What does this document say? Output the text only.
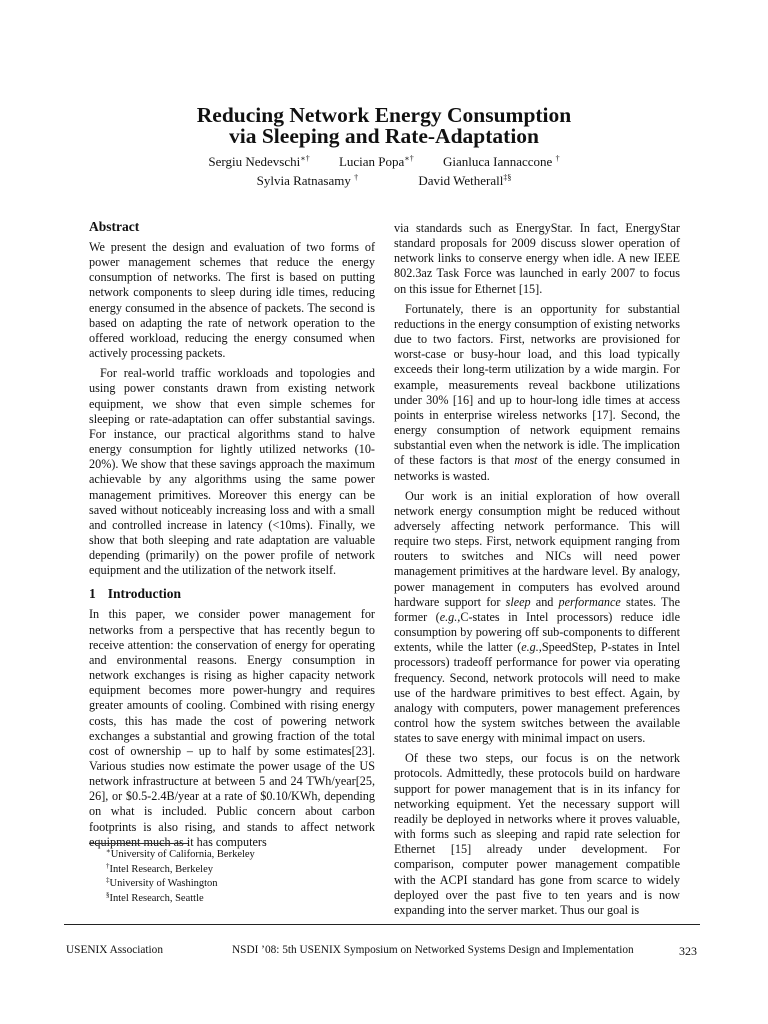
Reducing Network Energy Consumption
via Sleeping and Rate-Adaptation
Sergiu Nedevschi∗† Lucian Popa∗† Gianluca Iannaccone †
Sylvia Ratnasamy †	David Wetherall‡§
Abstract

We present the design and evaluation of two forms of power management schemes that reduce the energy consumption of networks. The first is based on putting network components to sleep during idle times, reducing energy consumed in the absence of packets. The second is based on adapting the rate of network operation to the offered workload, reducing the energy consumed when actively processing packets.

For real-world traffic workloads and topologies and using power constants drawn from existing network equipment, we show that even simple schemes for sleeping or rate-adaptation can offer substantial savings. For instance, our practical algorithms stand to halve energy consumption for lightly utilized networks (10-20%). We show that these savings approach the maximum achievable by any algorithms using the same power management primitives. Moreover this energy can be saved without noticeably increasing loss and with a small and controlled increase in latency (<10ms). Finally, we show that both sleeping and rate adaptation are valuable depending (primarily) on the power profile of network equipment and the utilization of the network itself.

1 Introduction

In this paper, we consider power management for networks from a perspective that has recently begun to receive attention: the conservation of energy for operating and environmental reasons. Energy consumption in network exchanges is rising as higher capacity network equipment becomes more power-hungry and requires greater amounts of cooling. Combined with rising energy costs, this has made the cost of powering network exchanges a substantial and growing fraction of the total cost of ownership – up to half by some estimates[23]. Various studies now estimate the power usage of the US network infrastructure at between 5 and 24 TWh/year[25, 26], or $0.5-2.4B/year at a rate of $0.10/KWh, depending on what is included. Public concern about carbon footprints is also rising, and stands to affect network equipment much as it has computers

∗University of California, Berkeley
†Intel Research, Berkeley
‡University of Washington
§Intel Research, Seattle

via standards such as EnergyStar. In fact, EnergyStar standard proposals for 2009 discuss slower operation of network links to conserve energy when idle. A new IEEE 802.3az Task Force was launched in early 2007 to focus on this issue for Ethernet [15].

Fortunately, there is an opportunity for substantial reductions in the energy consumption of existing networks due to two factors. First, networks are provisioned for worst-case or busy-hour load, and this load typically exceeds their long-term utilization by a wide margin. For example, measurements reveal backbone utilizations under 30% [16] and up to hour-long idle times at access points in enterprise wireless networks [17]. Second, the energy consumption of network equipment remains substantial even when the network is idle. The implication of these factors is that most of the energy consumed in networks is wasted.

Our work is an initial exploration of how overall network energy consumption might be reduced without adversely affecting network performance. This will require two steps. First, network equipment ranging from routers to switches and NICs will need power management primitives at the hardware level. By analogy, power management in computers has evolved around hardware support for sleep and performance states. The former (e.g.,C-states in Intel processors) reduce idle consumption by powering off sub-components to different extents, while the latter (e.g.,SpeedStep, P-states in Intel processors) tradeoff performance for power via operating frequency. Second, network protocols will need to make use of the hardware primitives to best effect. Again, by analogy with computers, power management preferences control how the system switches between the available states to save energy with minimal impact on users.

Of these two steps, our focus is on the network protocols. Admittedly, these protocols build on hardware support for power management that is in its infancy for networking equipment. Yet the necessary support will readily be deployed in networks where it proves valuable, with forms such as sleeping and rapid rate selection for Ethernet [15] already under development. For comparison, computer power management compatible with the ACPI standard has gone from scarce to widely deployed over the past five to ten years and is now expanding into the server market. Thus our goal is

USENIX Association	NSDI ’08: 5th USENIX Symposium on Networked Systems Design and Implementation	323
